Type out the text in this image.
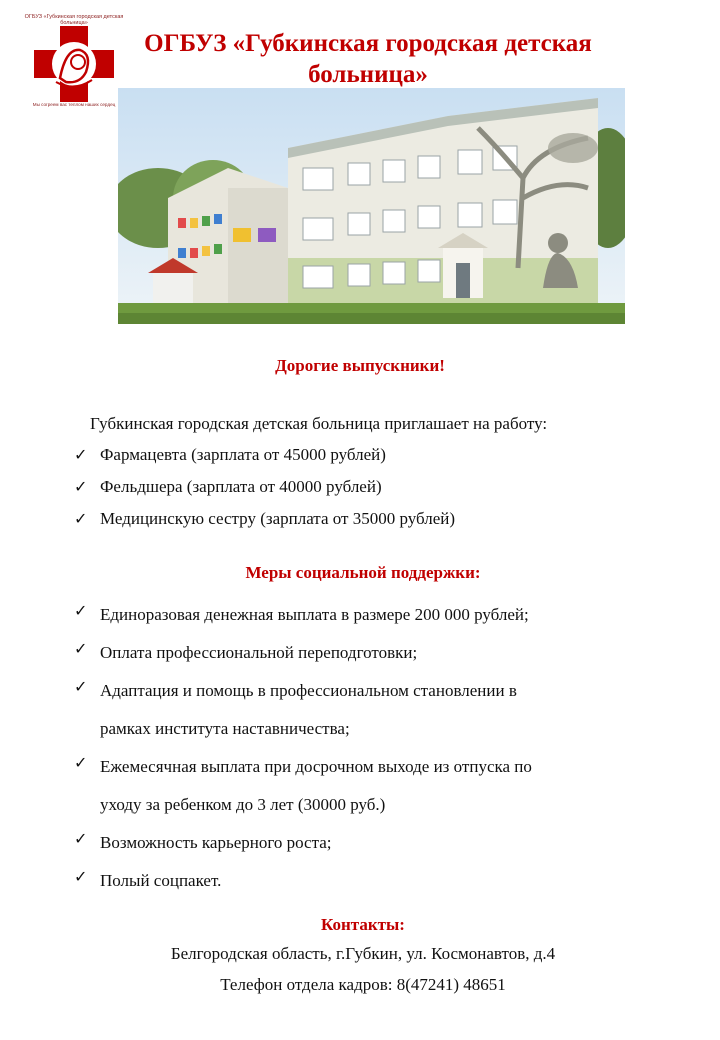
ОГБУЗ «Губкинская городская детская больница»
Мы согреем вас теплом наших сердец
ОГБУЗ «Губкинская городская детская
больница»
Дорогие выпускники!
Губкинская городская детская больница приглашает на работу:
✓ Фармацевта (зарплата от 45000 рублей)
✓ Фельдшера (зарплата от 40000 рублей)
✓ Медицинскую сестру (зарплата от 35000 рублей)
Меры социальной поддержки:
✓ Единоразовая денежная выплата в размере 200 000 рублей;
✓ Оплата профессиональной переподготовки;
✓ Адаптация и помощь в профессиональном становлении в
рамках института наставничества;
✓ Ежемесячная выплата при досрочном выходе из отпуска по
уходу за ребенком до 3 лет (30000 руб.)
✓ Возможность карьерного роста;
✓ Полый соцпакет.
Контакты:
Белгородская область, г.Губкин, ул. Космонавтов, д.4
Телефон отдела кадров: 8(47241) 48651
